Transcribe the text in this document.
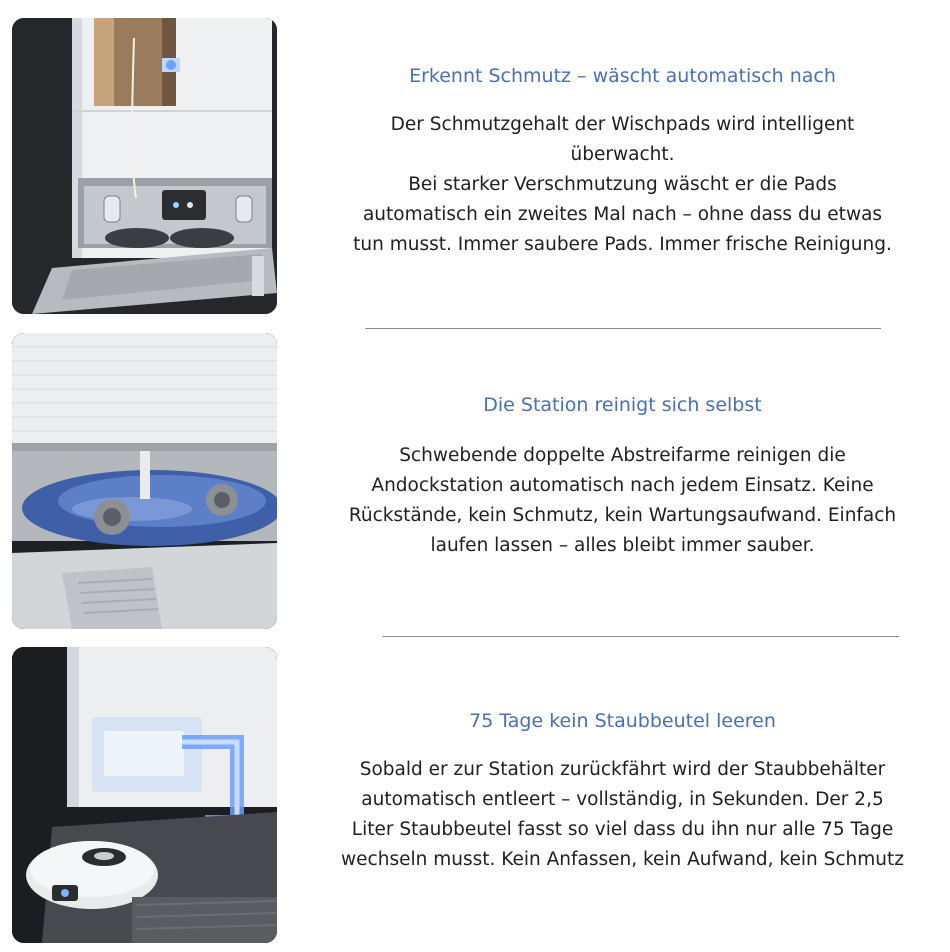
Erkennt Schmutz – wäscht automatisch nach

Der Schmutzgehalt der Wischpads wird intelligent
überwacht.
Bei starker Verschmutzung wäscht er die Pads
automatisch ein zweites Mal nach – ohne dass du etwas
tun musst. Immer saubere Pads. Immer frische Reinigung.

Die Station reinigt sich selbst

Schwebende doppelte Abstreifarme reinigen die
Andockstation automatisch nach jedem Einsatz. Keine
Rückstände, kein Schmutz, kein Wartungsaufwand. Einfach
laufen lassen – alles bleibt immer sauber.

75 Tage kein Staubbeutel leeren

Sobald er zur Station zurückfährt wird der Staubbehälter
automatisch entleert – vollständig, in Sekunden. Der 2,5
Liter Staubbeutel fasst so viel dass du ihn nur alle 75 Tage
wechseln musst. Kein Anfassen, kein Aufwand, kein Schmutz
